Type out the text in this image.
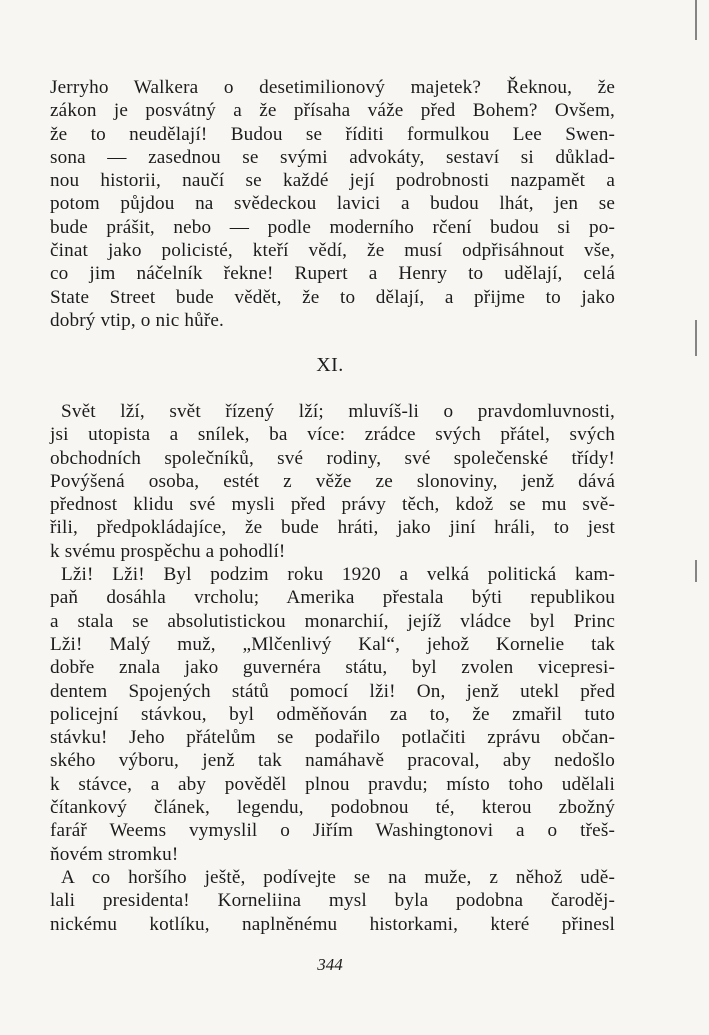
Jerryho Walkera o desetimilionový majetek? Řeknou, že
zákon je posvátný a že přísaha váže před Bohem? Ovšem,
že to neudělají! Budou se říditi formulkou Lee Swen-
sona — zasednou se svými advokáty, sestaví si důklad-
nou historii, naučí se každé její podrobnosti nazpamět a
potom půjdou na svědeckou lavici a budou lhát, jen se
bude prášit, nebo — podle moderního rčení budou si po-
činat jako policisté, kteří vědí, že musí odpřisáhnout vše,
co jim náčelník řekne! Rupert a Henry to udělají, celá
State Street bude vědět, že to dělají, a přijme to jako
dobrý vtip, o nic hůře.
XI.
Svět lží, svět řízený lží; mluvíš-li o pravdomluvnosti,
jsi utopista a snílek, ba více: zrádce svých přátel, svých
obchodních společníků, své rodiny, své společenské třídy!
Povýšená osoba, estét z věže ze slonoviny, jenž dává
přednost klidu své mysli před právy těch, kdož se mu svě-
řili, předpokládajíce, že bude hráti, jako jiní hráli, to jest
k svému prospěchu a pohodlí!
Lži! Lži! Byl podzim roku 1920 a velká politická kam-
paň dosáhla vrcholu; Amerika přestala býti republikou
a stala se absolutistickou monarchií, jejíž vládce byl Princ
Lži! Malý muž, „Mlčenlivý Kal“, jehož Kornelie tak
dobře znala jako guvernéra státu, byl zvolen vicepresi-
dentem Spojených států pomocí lži! On, jenž utekl před
policejní stávkou, byl odměňován za to, že zmařil tuto
stávku! Jeho přátelům se podařilo potlačiti zprávu občan-
ského výboru, jenž tak namáhavě pracoval, aby nedošlo
k stávce, a aby pověděl plnou pravdu; místo toho udělali
čítankový článek, legendu, podobnou té, kterou zbožný
farář Weems vymyslil o Jiřím Washingtonovi a o třeš-
ňovém stromku!
A co horšího ještě, podívejte se na muže, z něhož udě-
lali presidenta! Korneliina mysl byla podobna čaroděj-
nickému kotlíku, naplněnému historkami, které přinesl
344
